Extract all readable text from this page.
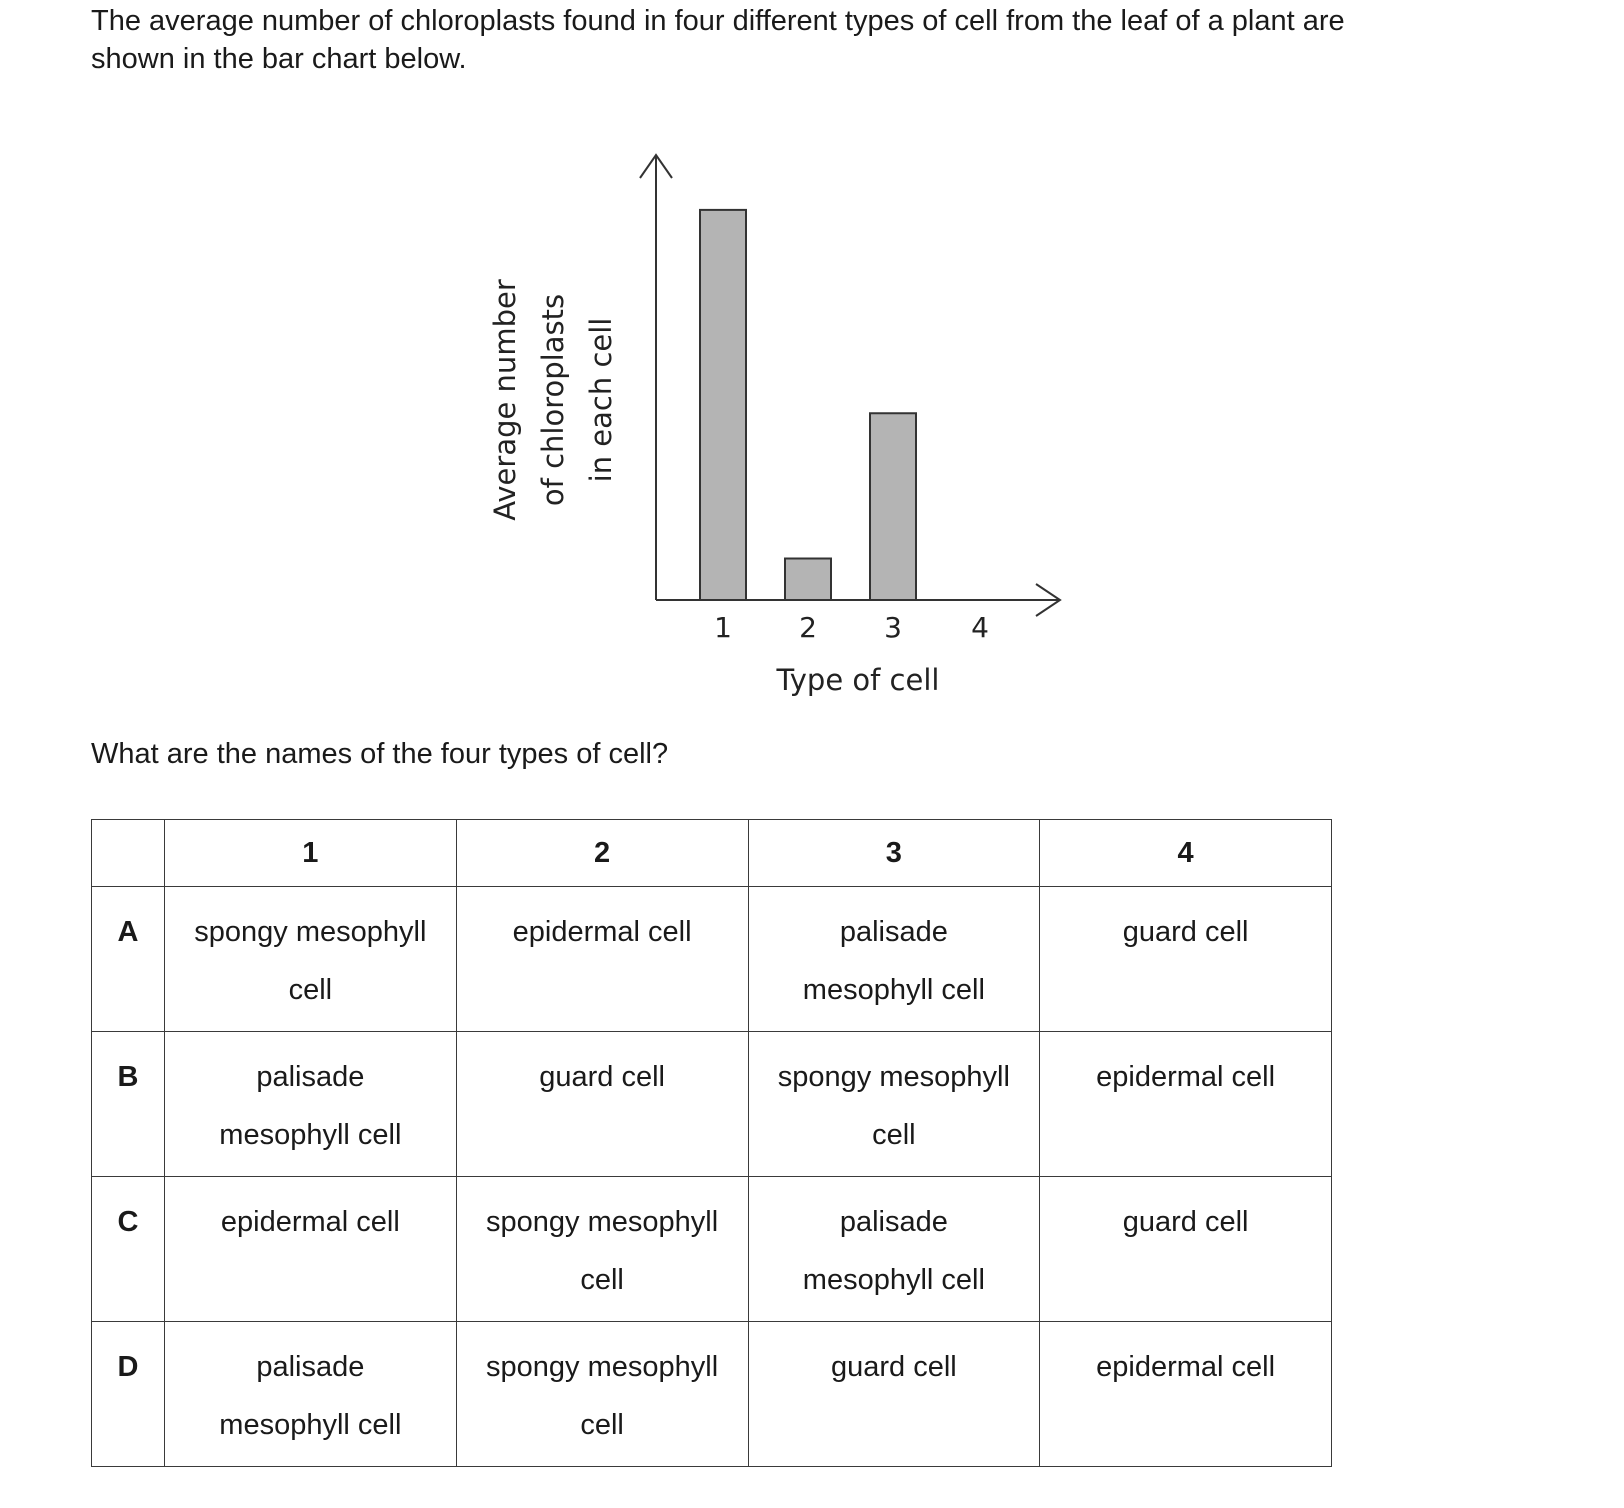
The average number of chloroplasts found in four different types of cell from the leaf of a plant are shown in the bar chart below.

1 2 3 4
Type of cell
Average number of chloroplasts in each cell

What are the names of the four types of cell?

	1	2	3	4

A	spongy mesophyll cell	epidermal cell	palisade mesophyll cell	guard cell

B	palisade mesophyll cell	guard cell	spongy mesophyll cell	epidermal cell

C	epidermal cell	spongy mesophyll cell	palisade mesophyll cell	guard cell

D	palisade mesophyll cell	spongy mesophyll cell	guard cell	epidermal cell
